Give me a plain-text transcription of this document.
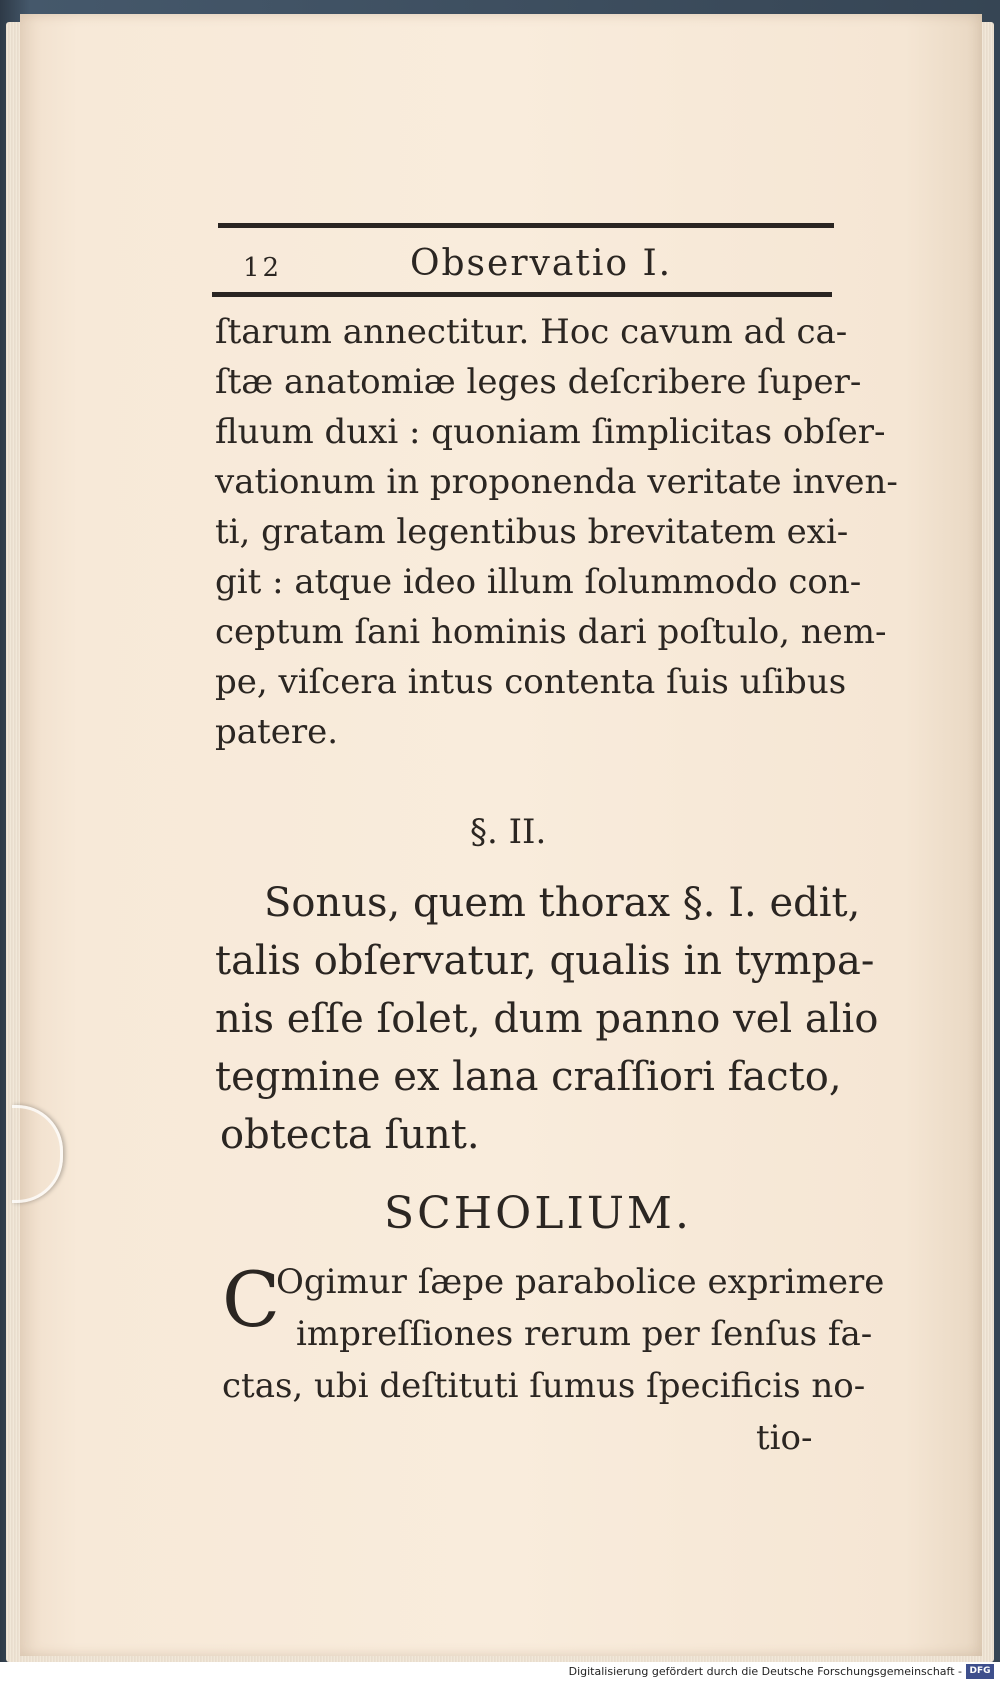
12	Observatio I.
ſtarum annectitur. Hoc cavum ad ca-
ſtæ anatomiæ leges deſcribere ſuper-
fluum duxi : quoniam ſimplicitas obſer-
vationum in proponenda veritate inven-
ti, gratam legentibus brevitatem exi-
git : atque ideo illum ſolummodo con-
ceptum ſani hominis dari poſtulo, nem-
pe, viſcera intus contenta ſuis uſibus
patere.
§. II.
Sonus, quem thorax §. I. edit,
talis obſervatur, qualis in tympa-
nis eſſe ſolet, dum panno vel alio
tegmine ex lana craſſiori facto,
obtecta ſunt.
SCHOLIUM.
C
Ogimur ſæpe parabolice exprimere
impreſſiones rerum per ſenſus fa-
ctas, ubi deſtituti ſumus ſpecificis no-
tio-
Digitalisierung gefördert durch die Deutsche Forschungsgemeinschaft - DFG
